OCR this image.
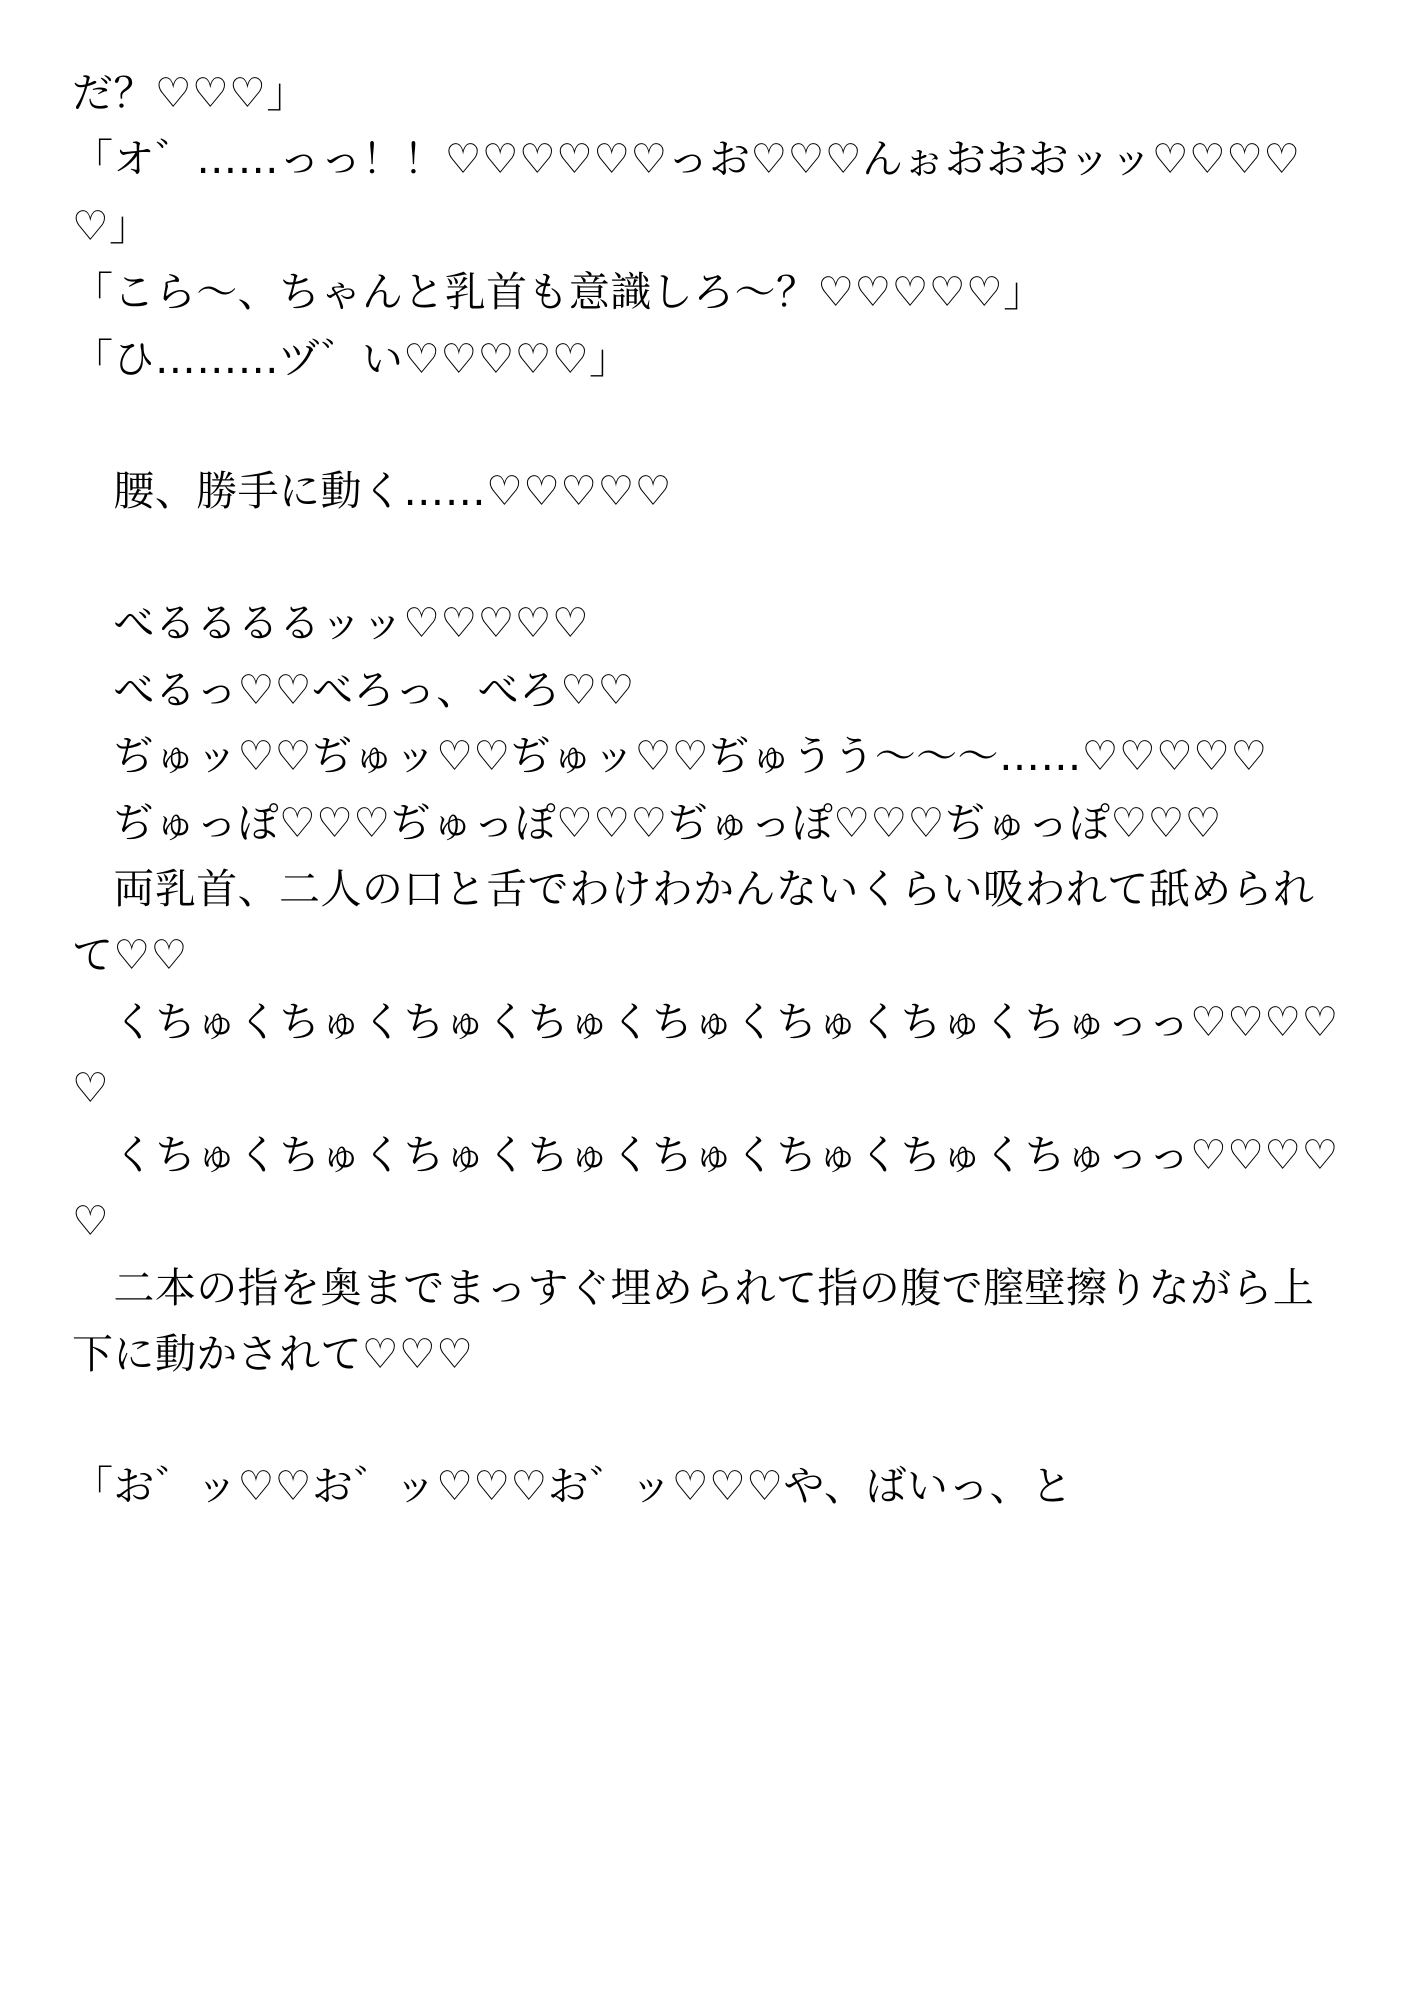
だ？♡♡♡」

「オ゛……っっ！！♡♡♡♡♡♡っお♡♡♡んぉおおおッッ♡♡♡♡♡」

「こら〜、ちゃんと乳首も意識しろ〜？♡♡♡♡♡」

「ひ………ヅ゛い♡♡♡♡♡」

　腰、勝手に動く……♡♡♡♡♡

　べるるるるッッ♡♡♡♡♡

　べるっ♡♡べろっ、べろ♡♡

　ぢゅッ♡♡ぢゅッ♡♡ぢゅッ♡♡ぢゅうう〜〜〜……♡♡♡♡♡

　ぢゅっぽ♡♡♡ぢゅっぽ♡♡♡ぢゅっぽ♡♡♡ぢゅっぽ♡♡♡

　両乳首、二人の口と舌でわけわかんないくらい吸われて舐められて♡♡

　くちゅくちゅくちゅくちゅくちゅくちゅくちゅくちゅっっ♡♡♡♡♡

　くちゅくちゅくちゅくちゅくちゅくちゅくちゅくちゅっっ♡♡♡♡♡

　二本の指を奥までまっすぐ埋められて指の腹で膣壁擦りながら上下に動かされて♡♡♡

「お゛ッ♡♡お゛ッ♡♡♡お゛ッ♡♡♡や、ばいっ、と
